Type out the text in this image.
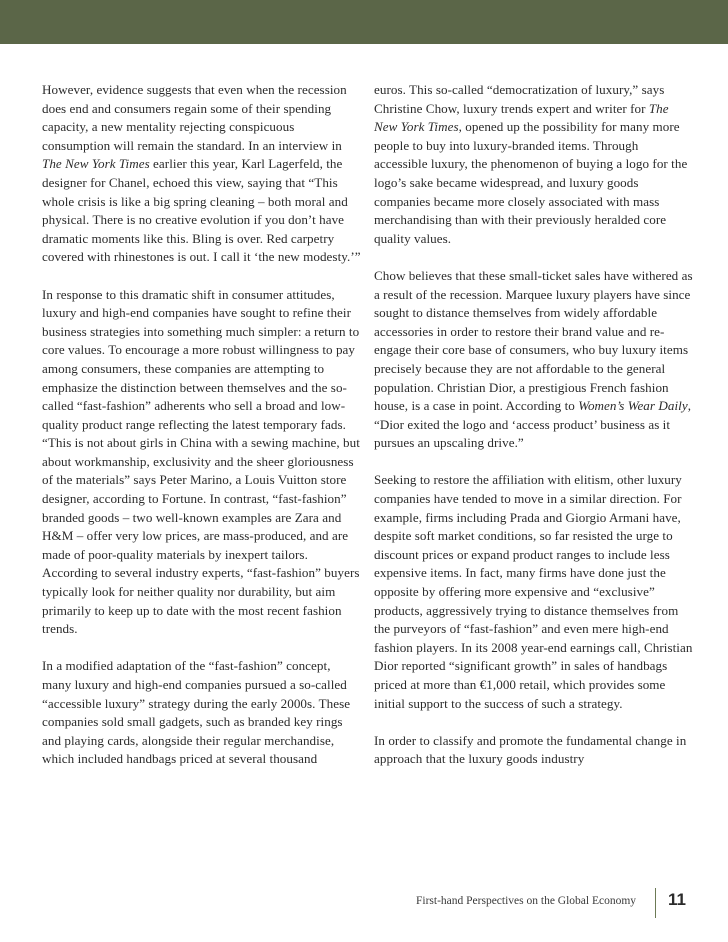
However, evidence suggests that even when the recession does end and consumers regain some of their spending capacity, a new mentality rejecting conspicuous consumption will remain the standard. In an interview in The New York Times earlier this year, Karl Lagerfeld, the designer for Chanel, echoed this view, saying that “This whole crisis is like a big spring cleaning – both moral and physical. There is no creative evolution if you don’t have dramatic moments like this. Bling is over. Red carpetry covered with rhinestones is out. I call it ‘the new modesty.’”

In response to this dramatic shift in consumer attitudes, luxury and high-end companies have sought to refine their business strategies into something much simpler: a return to core values. To encourage a more robust willingness to pay among consumers, these companies are attempting to emphasize the distinction between themselves and the so-called “fast-fashion” adherents who sell a broad and low-quality product range reflecting the latest temporary fads. “This is not about girls in China with a sewing machine, but about workmanship, exclusivity and the sheer gloriousness of the materials” says Peter Marino, a Louis Vuitton store designer, according to Fortune. In contrast, “fast-fashion” branded goods – two well-known examples are Zara and H&M – offer very low prices, are mass-produced, and are made of poor-quality materials by inexpert tailors. According to several industry experts, “fast-fashion” buyers typically look for neither quality nor durability, but aim primarily to keep up to date with the most recent fashion trends.

In a modified adaptation of the “fast-fashion” concept, many luxury and high-end companies pursued a so-called “accessible luxury” strategy during the early 2000s. These companies sold small gadgets, such as branded key rings and playing cards, alongside their regular merchandise, which included handbags priced at several thousand

euros. This so-called “democratization of luxury,” says Christine Chow, luxury trends expert and writer for The New York Times, opened up the possibility for many more people to buy into luxury-branded items. Through accessible luxury, the phenomenon of buying a logo for the logo’s sake became widespread, and luxury goods companies became more closely associated with mass merchandising than with their previously heralded core quality values.

Chow believes that these small-ticket sales have withered as a result of the recession. Marquee luxury players have since sought to distance themselves from widely affordable accessories in order to restore their brand value and re-engage their core base of consumers, who buy luxury items precisely because they are not affordable to the general population. Christian Dior, a prestigious French fashion house, is a case in point. According to Women’s Wear Daily, “Dior exited the logo and ‘access product’ business as it pursues an upscaling drive.”

Seeking to restore the affiliation with elitism, other luxury companies have tended to move in a similar direction. For example, firms including Prada and Giorgio Armani have, despite soft market conditions, so far resisted the urge to discount prices or expand product ranges to include less expensive items. In fact, many firms have done just the opposite by offering more expensive and “exclusive” products, aggressively trying to distance themselves from the purveyors of “fast-fashion” and even mere high-end fashion players. In its 2008 year-end earnings call, Christian Dior reported “significant growth” in sales of handbags priced at more than €1,000 retail, which provides some initial support to the success of such a strategy.

In order to classify and promote the fundamental change in approach that the luxury goods industry

First-hand Perspectives on the Global Economy 11
